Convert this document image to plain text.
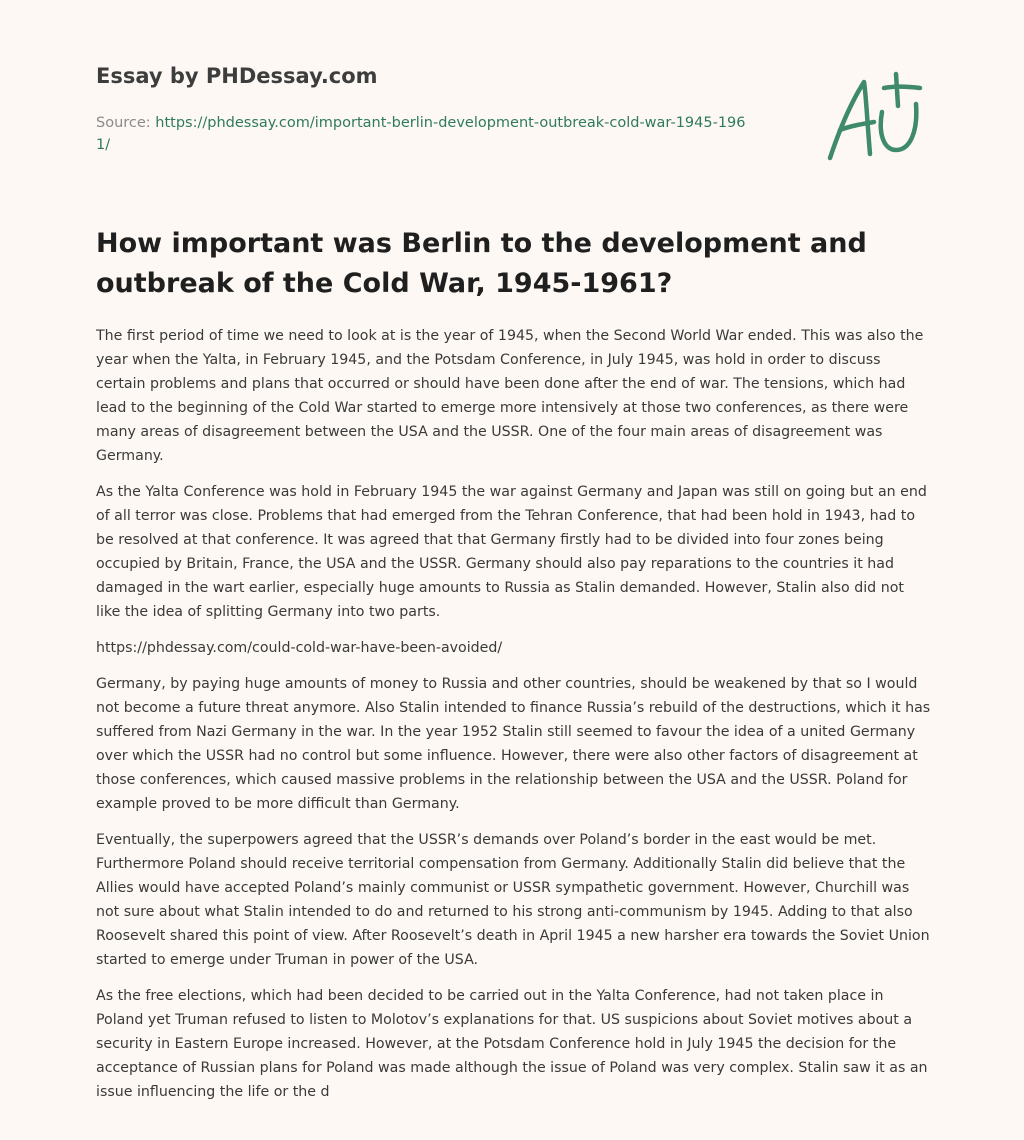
Essay by PHDessay.com
Source: https://phdessay.com/important-berlin-development-outbreak-cold-war-1945-1961/
How important was Berlin to the development and outbreak of the Cold War, 1945-1961?

The first period of time we need to look at is the year of 1945, when the Second World War ended. This was also the year when the Yalta, in February 1945, and the Potsdam Conference, in July 1945, was hold in order to discuss certain problems and plans that occurred or should have been done after the end of war. The tensions, which had lead to the beginning of the Cold War started to emerge more intensively at those two conferences, as there were many areas of disagreement between the USA and the USSR. One of the four main areas of disagreement was Germany.

As the Yalta Conference was hold in February 1945 the war against Germany and Japan was still on going but an end of all terror was close. Problems that had emerged from the Tehran Conference, that had been hold in 1943, had to be resolved at that conference. It was agreed that that Germany firstly had to be divided into four zones being occupied by Britain, France, the USA and the USSR. Germany should also pay reparations to the countries it had damaged in the wart earlier, especially huge amounts to Russia as Stalin demanded. However, Stalin also did not like the idea of splitting Germany into two parts.

https://phdessay.com/could-cold-war-have-been-avoided/

Germany, by paying huge amounts of money to Russia and other countries, should be weakened by that so I would not become a future threat anymore. Also Stalin intended to finance Russia’s rebuild of the destructions, which it has suffered from Nazi Germany in the war. In the year 1952 Stalin still seemed to favour the idea of a united Germany over which the USSR had no control but some influence. However, there were also other factors of disagreement at those conferences, which caused massive problems in the relationship between the USA and the USSR. Poland for example proved to be more difficult than Germany.

Eventually, the superpowers agreed that the USSR’s demands over Poland’s border in the east would be met. Furthermore Poland should receive territorial compensation from Germany. Additionally Stalin did believe that the Allies would have accepted Poland’s mainly communist or USSR sympathetic government. However, Churchill was not sure about what Stalin intended to do and returned to his strong anti-communism by 1945. Adding to that also Roosevelt shared this point of view. After Roosevelt’s death in April 1945 a new harsher era towards the Soviet Union started to emerge under Truman in power of the USA.

As the free elections, which had been decided to be carried out in the Yalta Conference, had not taken place in Poland yet Truman refused to listen to Molotov’s explanations for that. US suspicions about Soviet motives about a security in Eastern Europe increased. However, at the Potsdam Conference hold in July 1945 the decision for the acceptance of Russian plans for Poland was made although the issue of Poland was very complex. Stalin saw it as an issue influencing the life or the d
